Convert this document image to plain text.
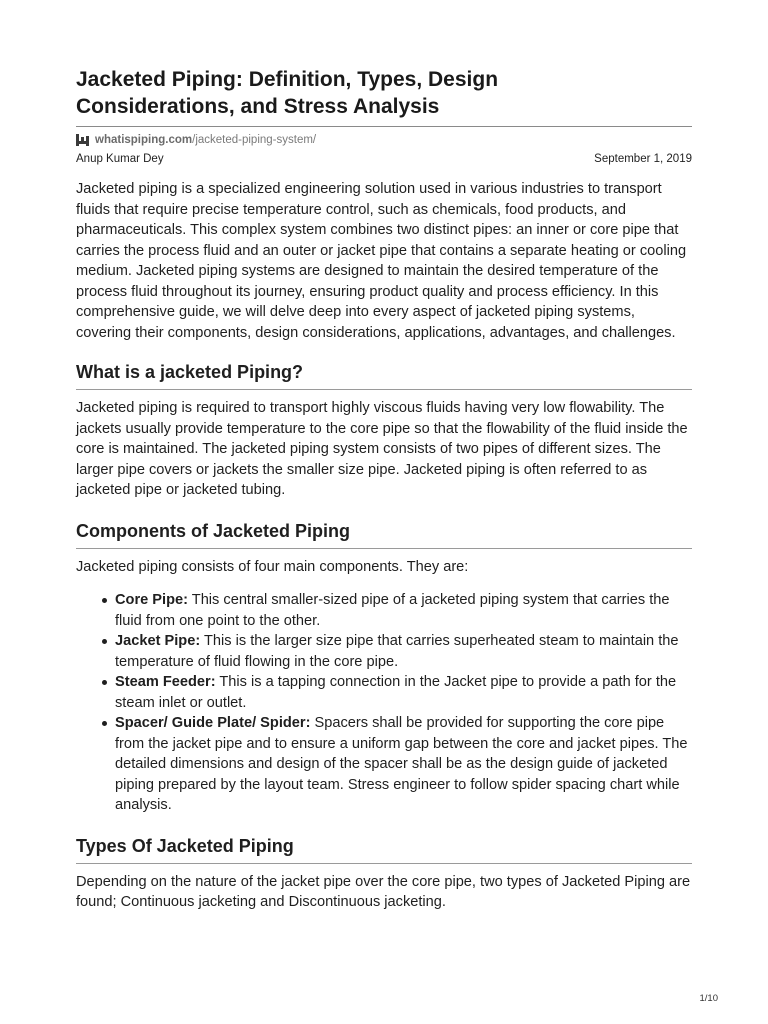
Jacketed Piping: Definition, Types, Design
Considerations, and Stress Analysis
whatispiping.com /jacketed-piping-system/
Anup Kumar Dey	September 1, 2019

Jacketed piping is a specialized engineering solution used in various industries to transport fluids that require precise temperature control, such as chemicals, food products, and pharmaceuticals. This complex system combines two distinct pipes: an inner or core pipe that carries the process fluid and an outer or jacket pipe that contains a separate heating or cooling medium. Jacketed piping systems are designed to maintain the desired temperature of the process fluid throughout its journey, ensuring product quality and process efficiency. In this comprehensive guide, we will delve deep into every aspect of jacketed piping systems, covering their components, design considerations, applications, advantages, and challenges.

What is a jacketed Piping?

Jacketed piping is required to transport highly viscous fluids having very low flowability. The jackets usually provide temperature to the core pipe so that the flowability of the fluid inside the core is maintained. The jacketed piping system consists of two pipes of different sizes. The larger pipe covers or jackets the smaller size pipe. Jacketed piping is often referred to as jacketed pipe or jacketed tubing.

Components of Jacketed Piping

Jacketed piping consists of four main components. They are:

Core Pipe: This central smaller-sized pipe of a jacketed piping system that carries the fluid from one point to the other.
Jacket Pipe: This is the larger size pipe that carries superheated steam to maintain the temperature of fluid flowing in the core pipe.
Steam Feeder: This is a tapping connection in the Jacket pipe to provide a path for the steam inlet or outlet.
Spacer/ Guide Plate/ Spider: Spacers shall be provided for supporting the core pipe from the jacket pipe and to ensure a uniform gap between the core and jacket pipes. The detailed dimensions and design of the spacer shall be as the design guide of jacketed piping prepared by the layout team. Stress engineer to follow spider spacing chart while analysis.
Types Of Jacketed Piping

Depending on the nature of the jacket pipe over the core pipe, two types of Jacketed Piping are found; Continuous jacketing and Discontinuous jacketing.

1/10
